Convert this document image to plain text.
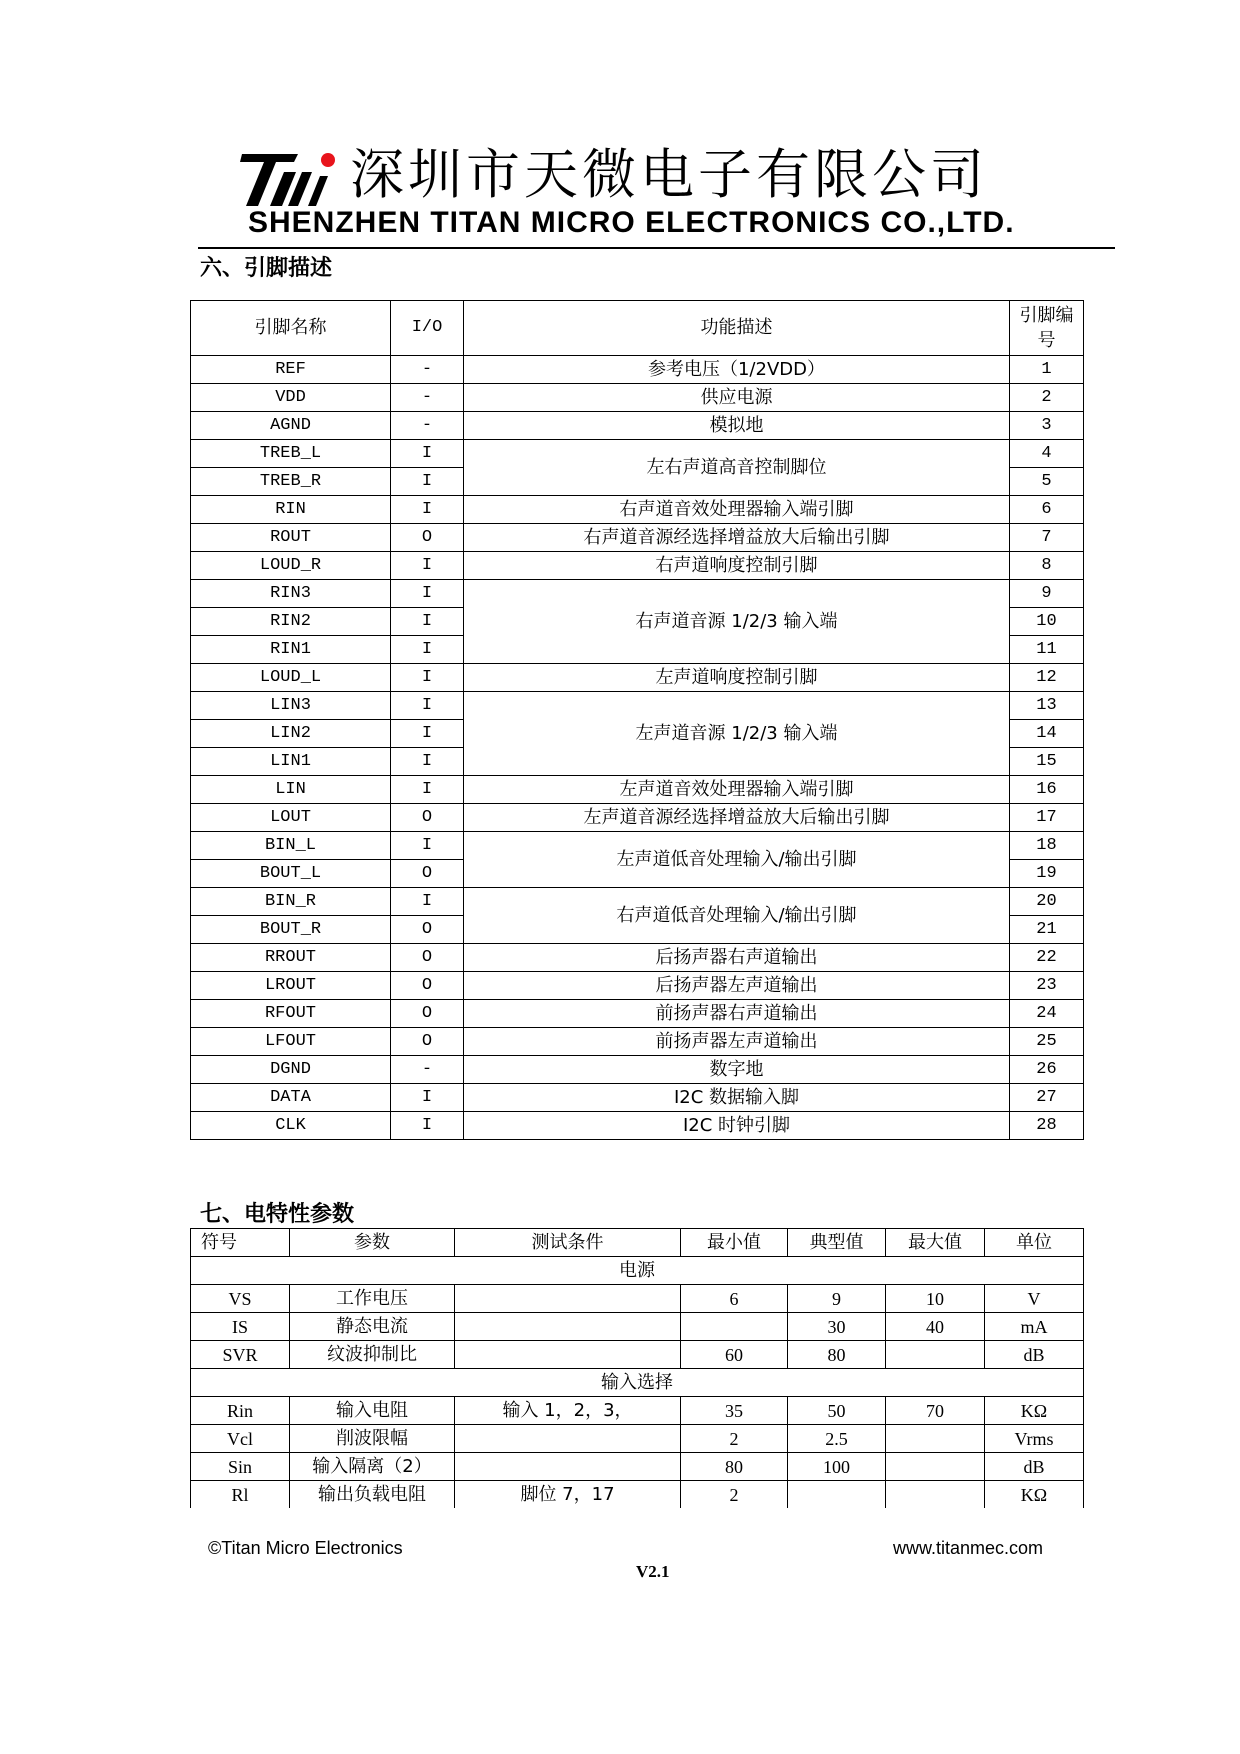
深圳市天微电子有限公司
SHENZHEN TITAN MICRO ELECTRONICS CO.,LTD.
六、引脚描述
引脚名称	I/O	功能描述	引脚编号
REF	-	参考电压（1/2VDD）	1
VDD	-	供应电源	2
AGND	-	模拟地	3
TREB_L	I	左右声道高音控制脚位	4
TREB_R	I		5
RIN	I	右声道音效处理器输入端引脚	6
ROUT	O	右声道音源经选择增益放大后输出引脚	7
LOUD_R	I	右声道响度控制引脚	8
RIN3	I	右声道音源 1/2/3 输入端	9
RIN2	I		10
RIN1	I		11
LOUD_L	I	左声道响度控制引脚	12
LIN3	I	左声道音源 1/2/3 输入端	13
LIN2	I		14
LIN1	I		15
LIN	I	左声道音效处理器输入端引脚	16
LOUT	O	左声道音源经选择增益放大后输出引脚	17
BIN_L	I	左声道低音处理输入/输出引脚	18
BOUT_L	O		19
BIN_R	I	右声道低音处理输入/输出引脚	20
BOUT_R	O		21
RROUT	O	后扬声器右声道输出	22
LROUT	O	后扬声器左声道输出	23
RFOUT	O	前扬声器右声道输出	24
LFOUT	O	前扬声器左声道输出	25
DGND	-	数字地	26
DATA	I	I2C 数据输入脚	27
CLK	I	I2C 时钟引脚	28
七、电特性参数
符号	参数	测试条件	最小值	典型值	最大值	单位
电源						
VS	工作电压		6	9	10	V
IS	静态电流			30	40	mA
SVR	纹波抑制比		60	80		dB
输入选择						
Rin	输入电阻	输入 1，2，3，	35	50	70	KΩ
Vcl	削波限幅		2	2.5		Vrms
Sin	输入隔离（2）		80	100		dB
Rl	输出负载电阻	脚位 7，17	2			KΩ
©Titan Micro Electronics	www.titanmec.com
V2.1
